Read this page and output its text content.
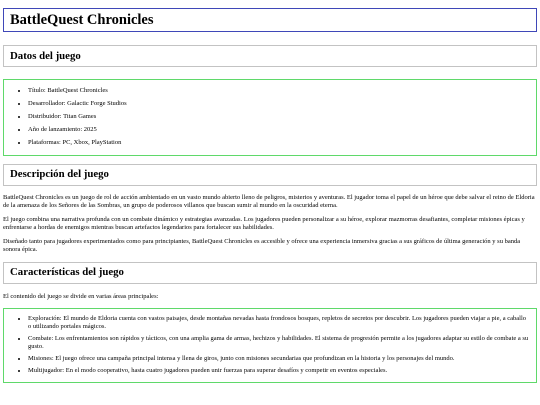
BattleQuest Chronicles
Datos del juego
• Título: BattleQuest Chronicles
• Desarrollador: Galactic Forge Studios
• Distribuidor: Titan Games
• Año de lanzamiento: 2025
• Plataformas: PC, Xbox, PlayStation
Descripción del juego

BattleQuest Chronicles es un juego de rol de acción ambientado en un vasto mundo abierto lleno de peligros, misterios y aventuras. El jugador toma el papel de un héroe que debe salvar el reino de Eldoria de la amenaza de los Señores de las Sombras, un grupo de poderosos villanos que buscan sumir al mundo en la oscuridad eterna.

El juego combina una narrativa profunda con un combate dinámico y estrategias avanzadas. Los jugadores pueden personalizar a su héroe, explorar mazmorras desafiantes, completar misiones épicas y enfrentarse a hordas de enemigos mientras buscan artefactos legendarios para fortalecer sus habilidades.

Diseñado tanto para jugadores experimentados como para principiantes, BattleQuest Chronicles es accesible y ofrece una experiencia inmersiva gracias a sus gráficos de última generación y su banda sonora épica.

Características del juego

El contenido del juego se divide en varias áreas principales:

• Exploración: El mundo de Eldoria cuenta con vastos paisajes, desde montañas nevadas hasta frondosos bosques, repletos de secretos por descubrir. Los jugadores pueden viajar a pie, a caballo o utilizando portales mágicos.
• Combate: Los enfrentamientos son rápidos y tácticos, con una amplia gama de armas, hechizos y habilidades. El sistema de progresión permite a los jugadores adaptar su estilo de combate a su gusto.
• Misiones: El juego ofrece una campaña principal intensa y llena de giros, junto con misiones secundarias que profundizan en la historia y los personajes del mundo.
• Multijugador: En el modo cooperativo, hasta cuatro jugadores pueden unir fuerzas para superar desafíos y competir en eventos especiales.
